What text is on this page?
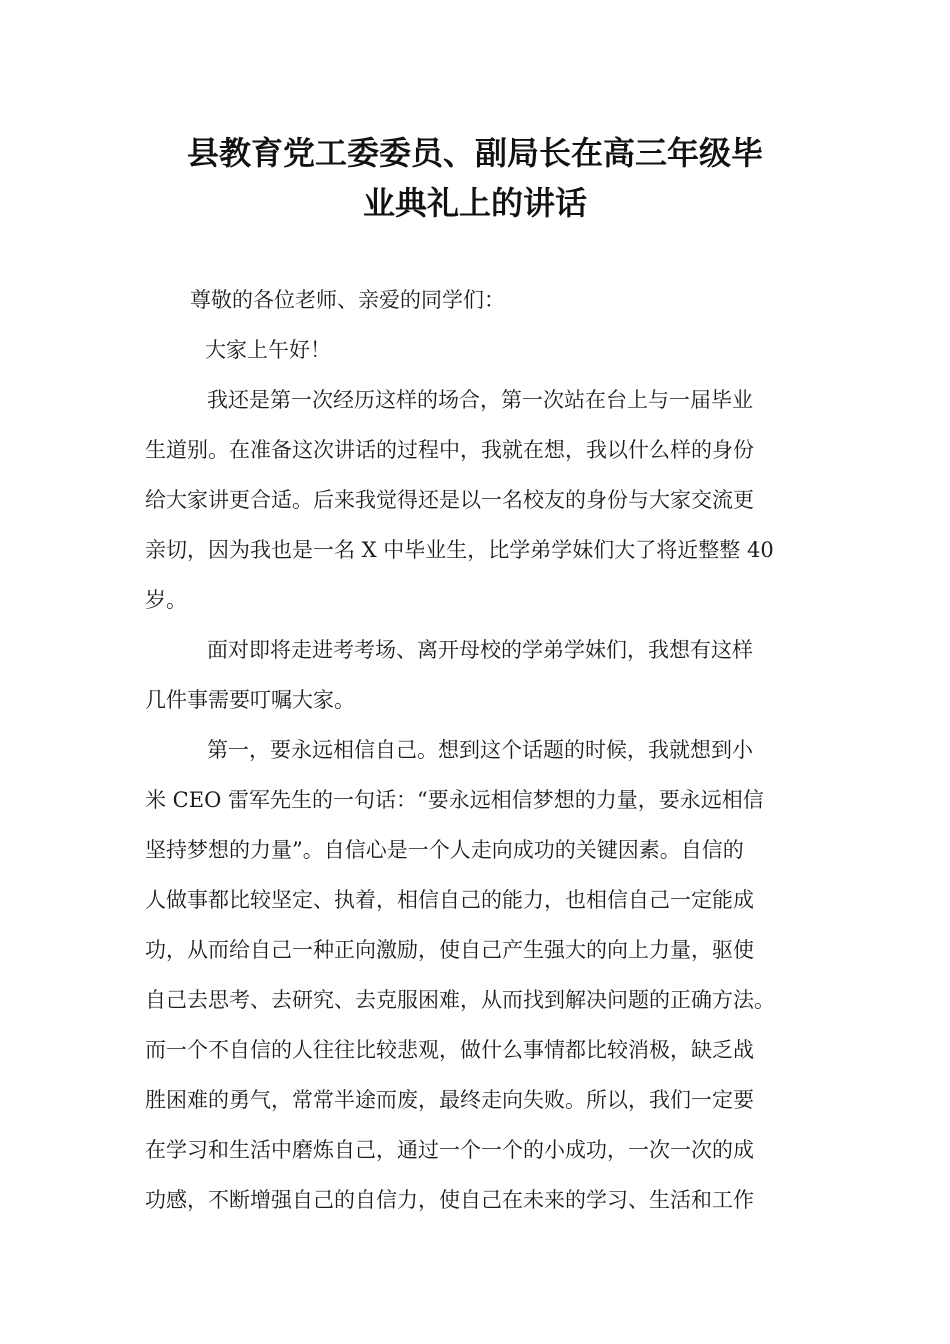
县教育党工委委员、副局长在高三年级毕
业典礼上的讲话
尊敬的各位老师、亲爱的同学们：
大家上午好！
我还是第一次经历这样的场合，第一次站在台上与一届毕业
生道别。在准备这次讲话的过程中，我就在想，我以什么样的身份
给大家讲更合适。后来我觉得还是以一名校友的身份与大家交流更
亲切，因为我也是一名 X 中毕业生，比学弟学妹们大了将近整整 40
岁。
面对即将走进考考场、离开母校的学弟学妹们，我想有这样
几件事需要叮嘱大家。
第一，要永远相信自己。想到这个话题的时候，我就想到小
米 CEO 雷军先生的一句话：“要永远相信梦想的力量，要永远相信
坚持梦想的力量”。自信心是一个人走向成功的关键因素。自信的
人做事都比较坚定、执着，相信自己的能力，也相信自己一定能成
功，从而给自己一种正向激励，使自己产生强大的向上力量，驱使
自己去思考、去研究、去克服困难，从而找到解决问题的正确方法。
而一个不自信的人往往比较悲观，做什么事情都比较消极，缺乏战
胜困难的勇气，常常半途而废，最终走向失败。所以，我们一定要
在学习和生活中磨炼自己，通过一个一个的小成功，一次一次的成
功感，不断增强自己的自信力，使自己在未来的学习、生活和工作
